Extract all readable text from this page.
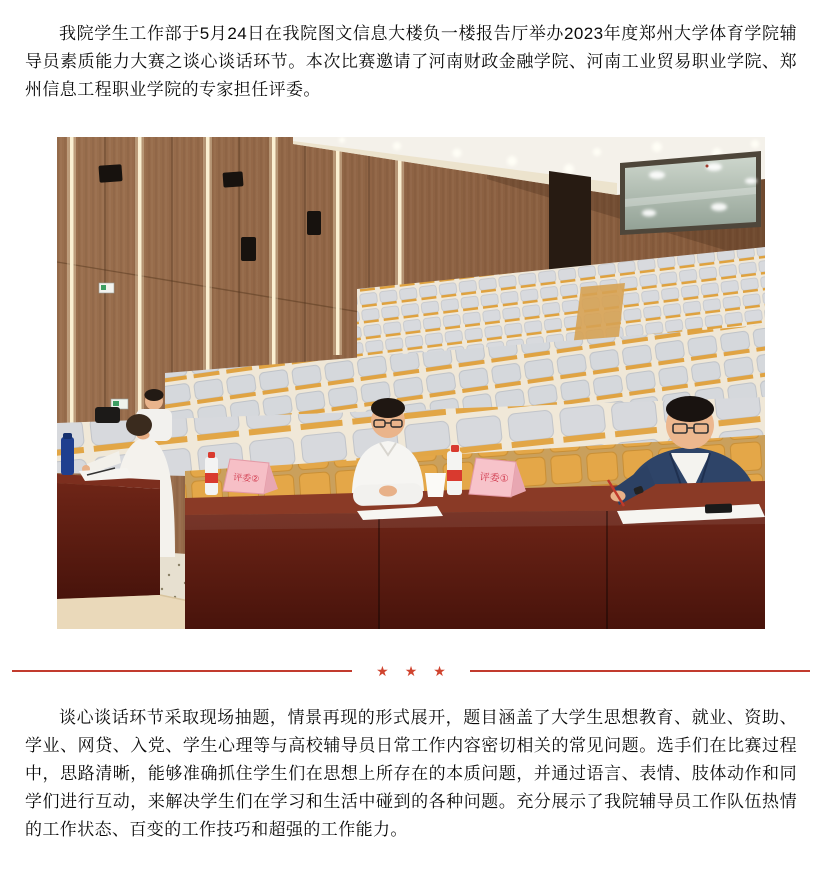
我院学生工作部于5月24日在我院图文信息大楼负一楼报告厅举办2023年度郑州大学体育学院辅导员素质能力大赛之谈心谈话环节。本次比赛邀请了河南财政金融学院、河南工业贸易职业学院、郑州信息工程职业学院的专家担任评委。

评委②	评委①
★ ★ ★

谈心谈话环节采取现场抽题，情景再现的形式展开，题目涵盖了大学生思想教育、就业、资助、学业、网贷、入党、学生心理等与高校辅导员日常工作内容密切相关的常见问题。选手们在比赛过程中，思路清晰，能够准确抓住学生们在思想上所存在的本质问题，并通过语言、表情、肢体动作和同学们进行互动，来解决学生们在学习和生活中碰到的各种问题。充分展示了我院辅导员工作队伍热情的工作状态、百变的工作技巧和超强的工作能力。
